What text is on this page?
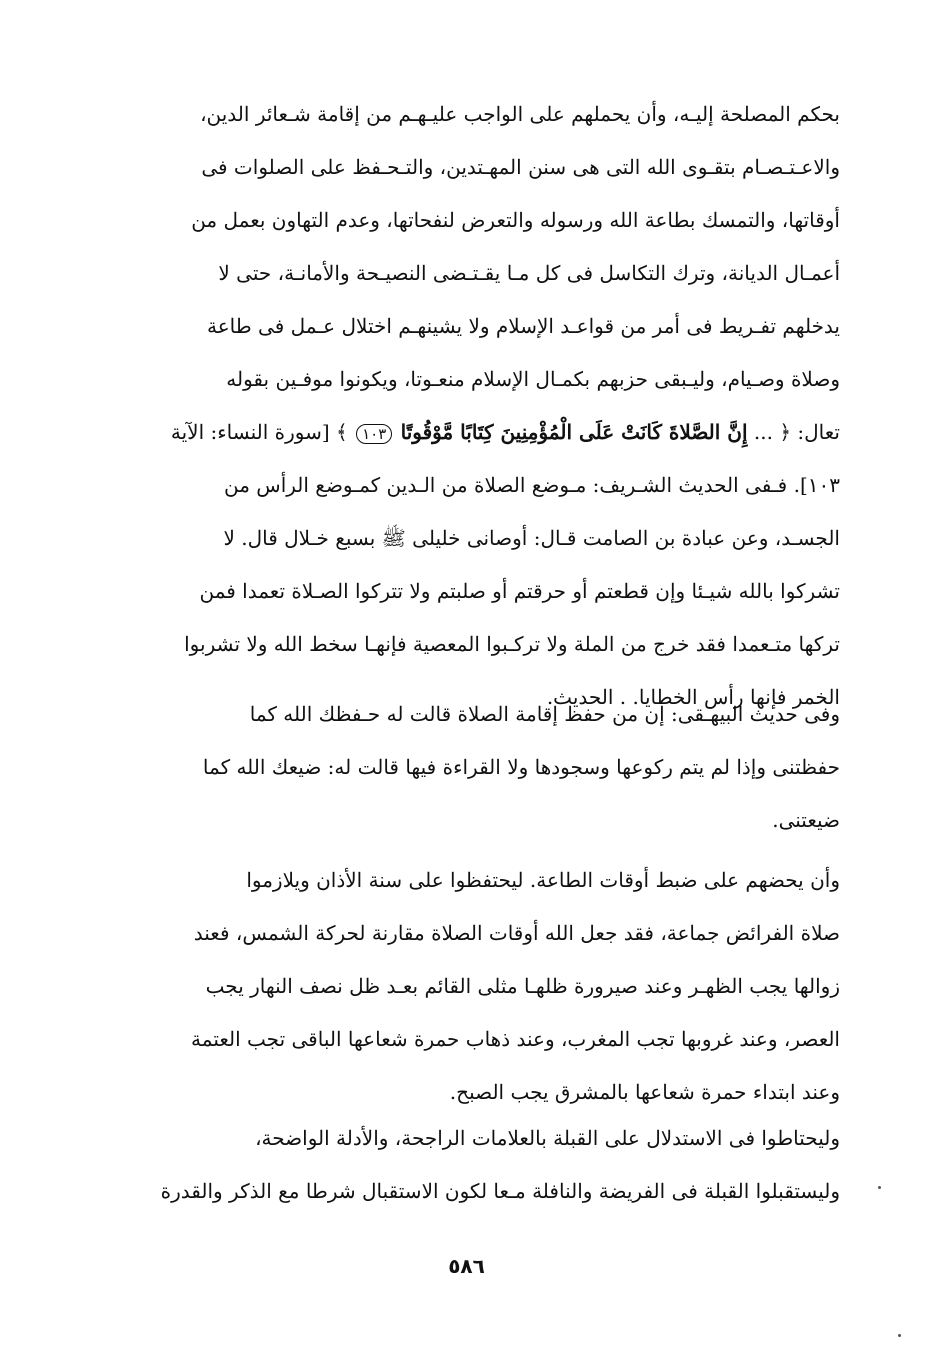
بحكم المصلحة إليـه، وأن يحملهم على الواجب عليـهـم من إقامة شـعائر الدين،

والاعـتـصـام بتقـوى الله التى هى سنن المهـتدين، والتـحـفظ على الصلوات فى

أوقاتها، والتمسك بطاعة الله ورسوله والتعرض لنفحاتها، وعدم التهاون بعمل من

أعمـال الديانة، وترك التكاسل فى كل مـا يقـتـضى النصيـحة والأمانـة، حتى لا

يدخلهم تفـريط فى أمر من قواعـد الإسلام ولا يشينهـم اختلال عـمل فى طاعة

وصلاة وصـيام، وليـبقى حزبهم بكمـال الإسلام منعـوتا، ويكونوا موفـين بقوله

تعال: ﴿ ... إِنَّ الصَّلاةَ كَانَتْ عَلَى الْمُؤْمِنِينَ كِتَابًا مَّوْقُوتًا ١٠٣ ﴾ [سورة النساء: الآية

١٠٣]. فـفى الحديث الشـريف: مـوضع الصلاة من الـدين كمـوضع الرأس من

الجسـد، وعن عبادة بن الصامت قـال: أوصانى خليلى ﷺ بسبع خـلال قال. لا

تشركوا بالله شيـئا وإن قطعتم أو حرقتم أو صلبتم ولا تتركوا الصـلاة تعمدا فمن

تركها متـعمدا فقد خرج من الملة ولا تركـبوا المعصية فإنهـا سخط الله ولا تشربوا

الخمر فإنها رأس الخطايا. . الحديث.

وفى حديث البيهـقى: إن من حفظ إقامة الصلاة قالت له حـفظك الله كما

حفظتنى وإذا لم يتم ركوعها وسجودها ولا القراءة فيها قالت له: ضيعك الله كما

ضيعتنى.

وأن يحضهم على ضبط أوقات الطاعة. ليحتفظوا على سنة الأذان ويلازموا

صلاة الفرائض جماعة، فقد جعل الله أوقات الصلاة مقارنة لحركة الشمس، فعند

زوالها يجب الظهـر وعند صيرورة ظلهـا مثلى القائم بعـد ظل نصف النهار يجب

العصر، وعند غروبها تجب المغرب، وعند ذهاب حمرة شعاعها الباقى تجب العتمة

وعند ابتداء حمرة شعاعها بالمشرق يجب الصبح.

وليحتاطوا فى الاستدلال على القبلة بالعلامات الراجحة، والأدلة الواضحة،

وليستقبلوا القبلة فى الفريضة والنافلة مـعا لكون الاستقبال شرطا مع الذكر والقدرة

٥٨٦
